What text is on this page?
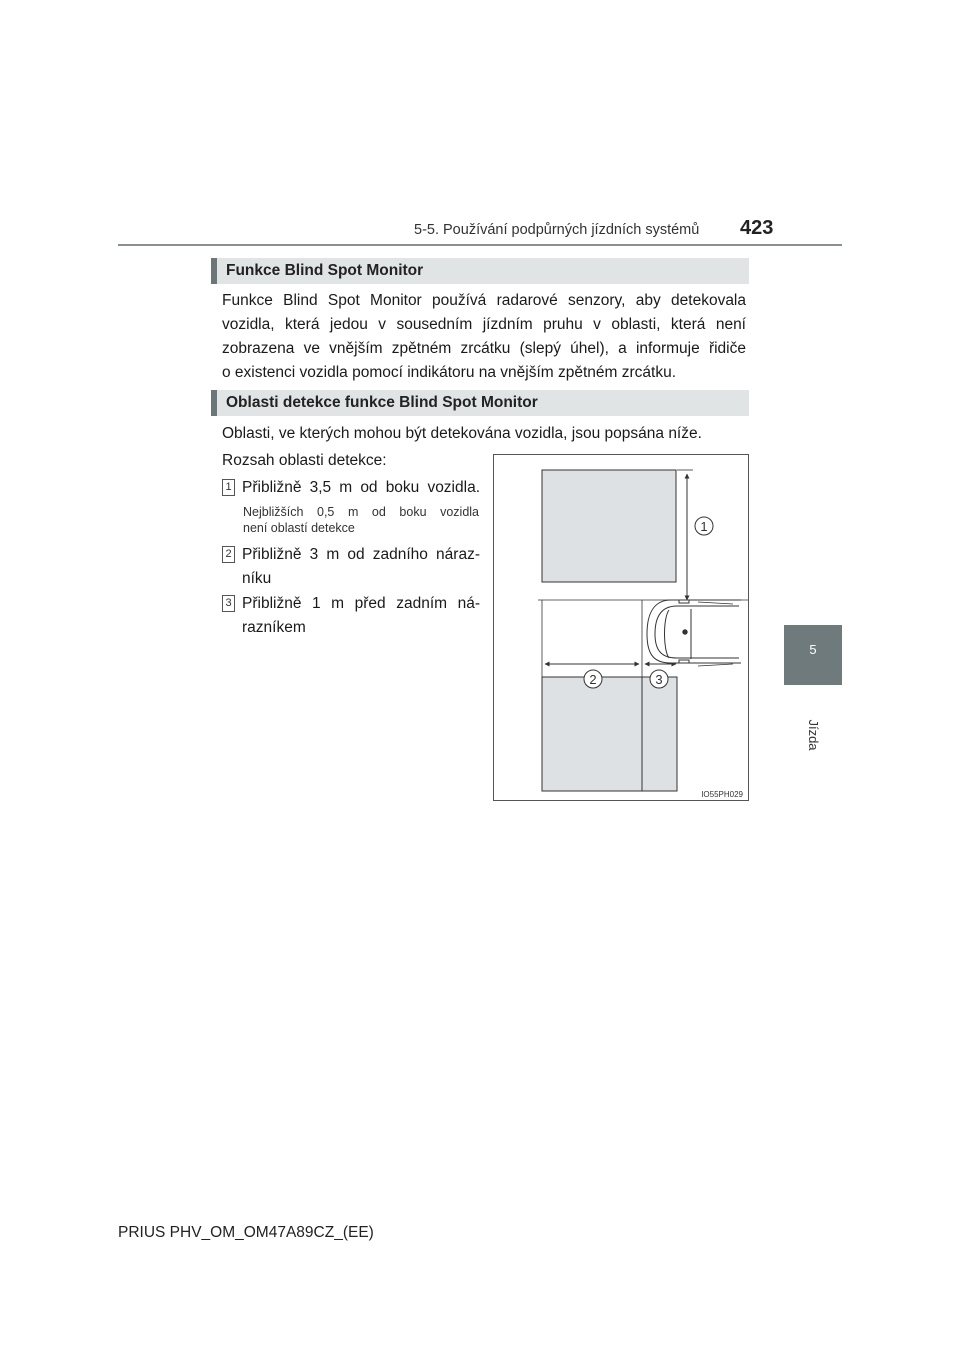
5-5. Používání podpůrných jízdních systémů 423
5
Jízda
Funkce Blind Spot Monitor
Funkce Blind Spot Monitor používá radarové senzory, aby detekovala
vozidla, která jedou v sousedním jízdním pruhu v oblasti, která není
zobrazena ve vnějším zpětném zrcátku (slepý úhel), a informuje řidiče
o existenci vozidla pomocí indikátoru na vnějším zpětném zrcátku.
Oblasti detekce funkce Blind Spot Monitor
Oblasti, ve kterých mohou být detekována vozidla, jsou popsána níže.
Rozsah oblasti detekce:
1 Přibližně 3,5 m od boku vozidla.
Nejbližších 0,5 m od boku vozidla
není oblastí detekce
2 Přibližně 3 m od zadního náraz-
níku
3 Přibližně 1 m před zadním ná-
razníkem
1
2	3
IO55PH029
PRIUS PHV_OM_OM47A89CZ_(EE)
